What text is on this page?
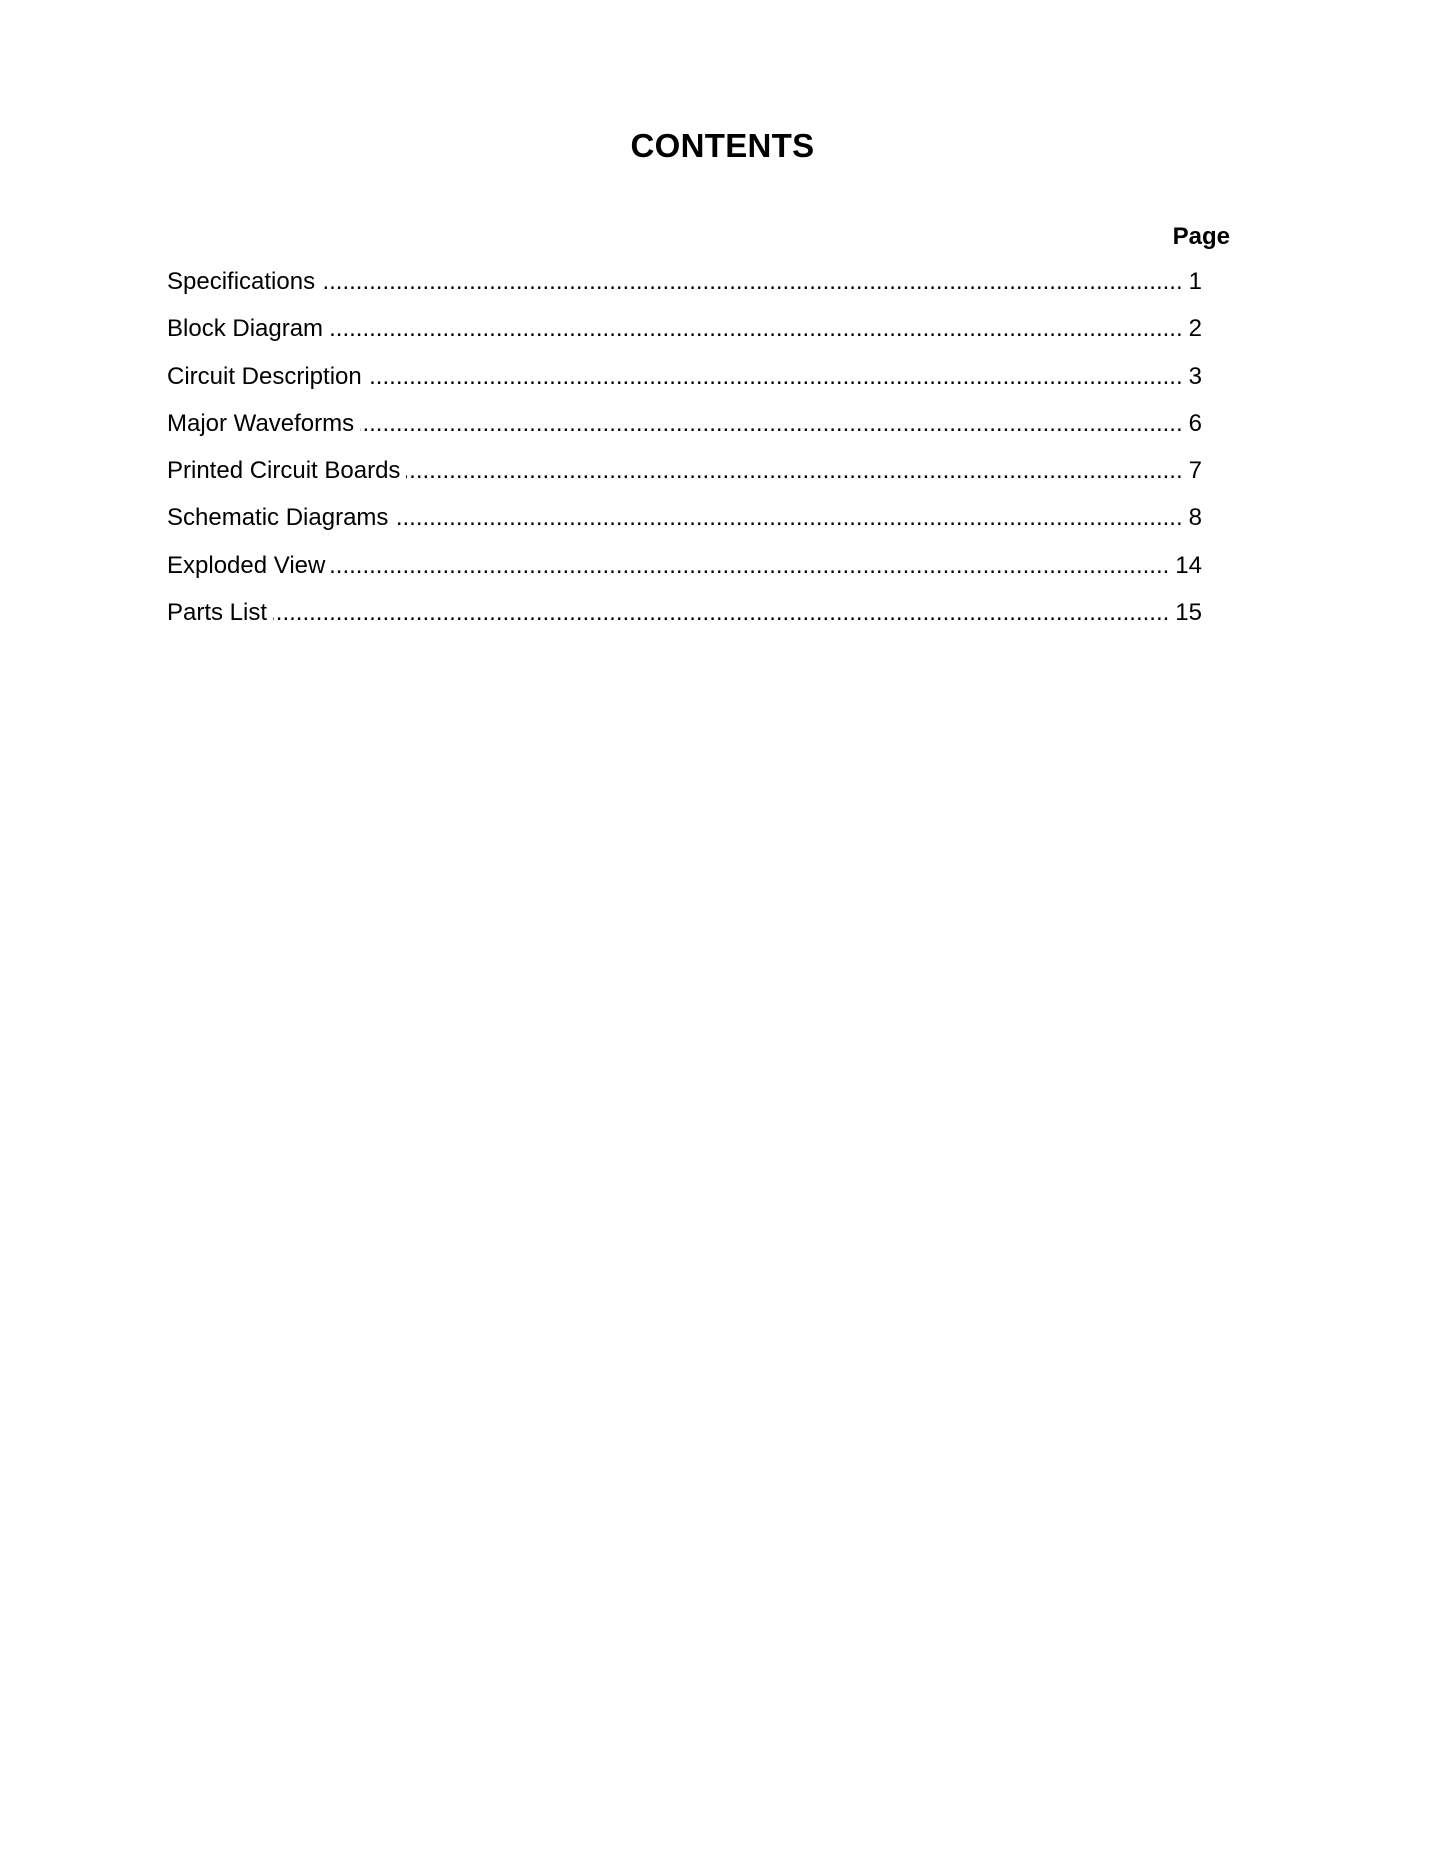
CONTENTS
Page
Specifications .....	1
Block Diagram .....	2
Circuit Description .....	3
Major Waveforms .....	6
Printed Circuit Boards .....	7
Schematic Diagrams .....	8
Exploded View .....	14
Parts List .....	15
